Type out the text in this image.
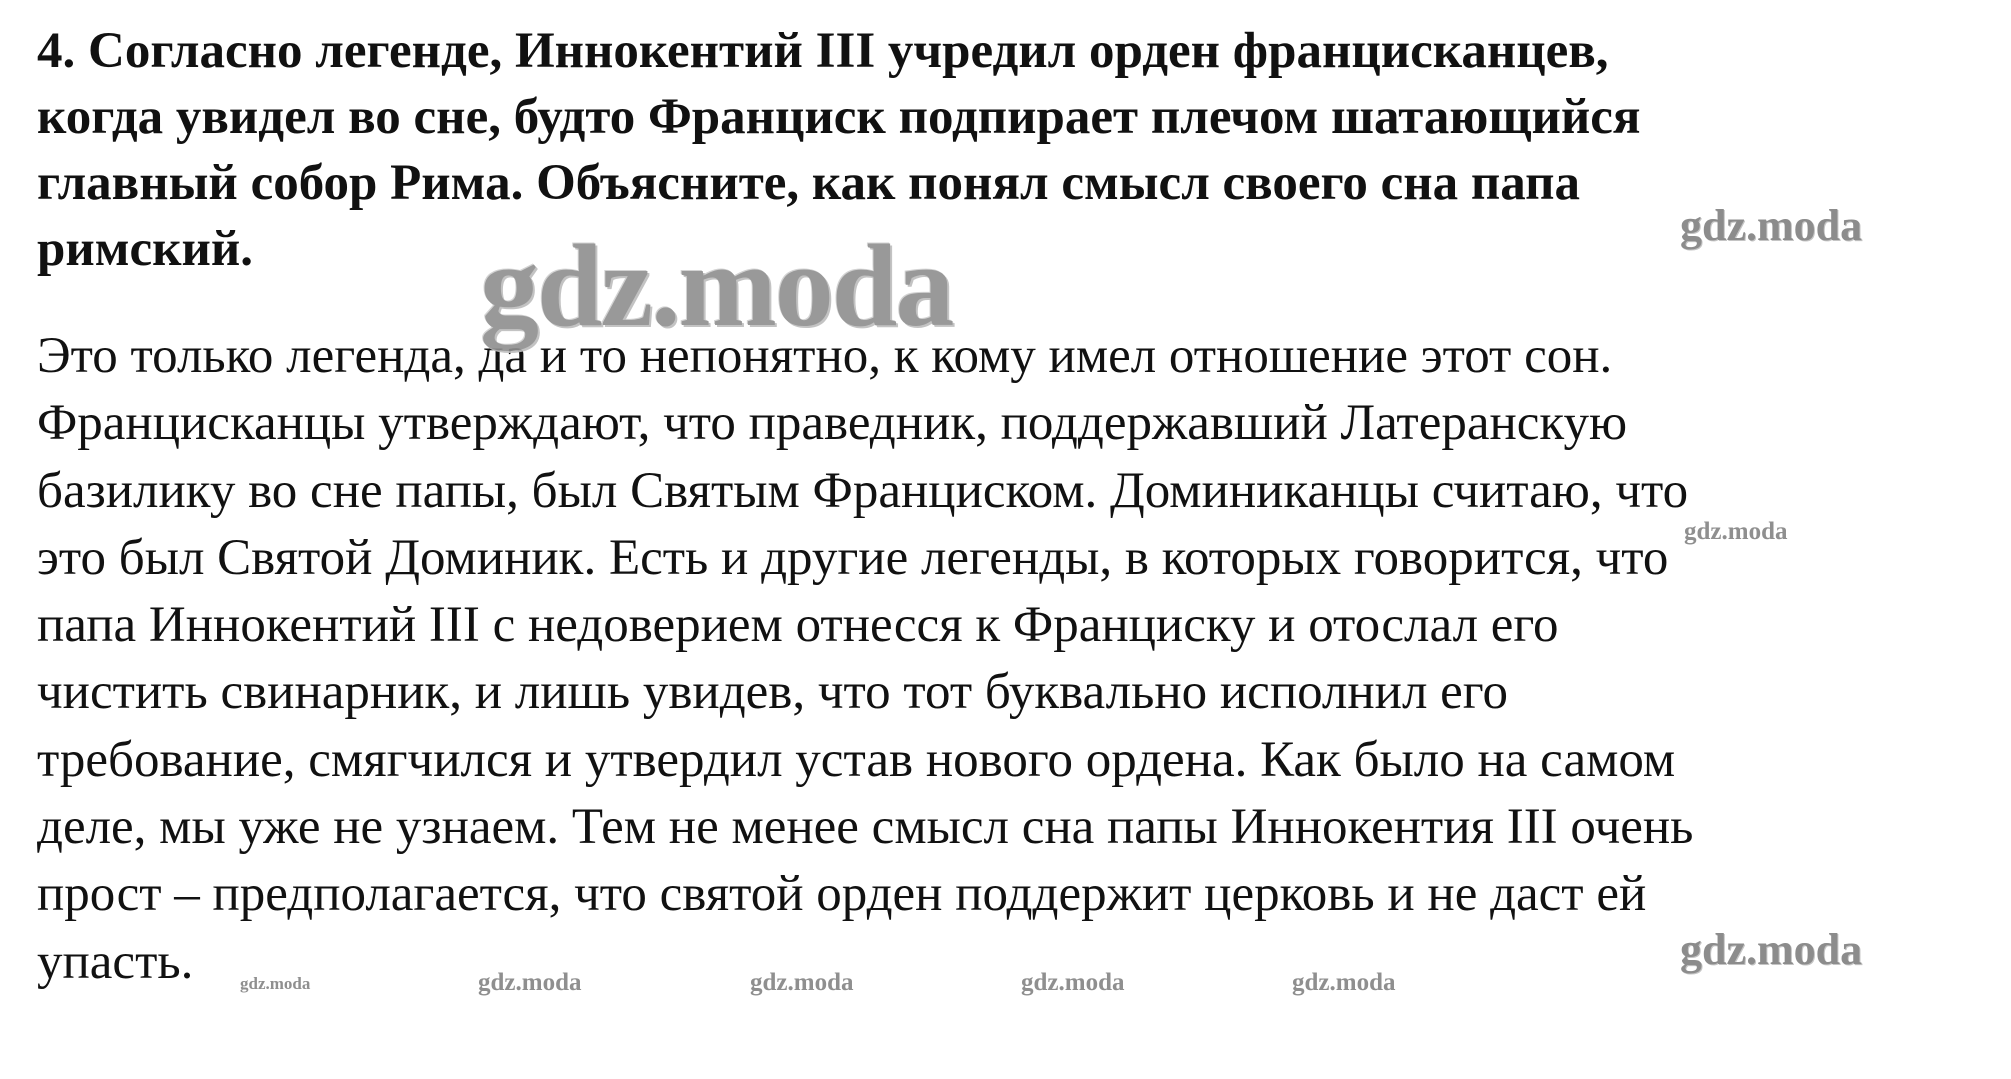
4. Согласно легенде, Иннокентий III учредил орден францисканцев,
когда увидел во сне, будто Франциск подпирает плечом шатающийся
главный собор Рима. Объясните, как понял смысл своего сна папа
римский.
Это только легенда, да и то непонятно, к кому имел отношение этот сон.
Францисканцы утверждают, что праведник, поддержавший Латеранскую
базилику во сне папы, был Святым Франциском. Доминиканцы считаю, что
это был Святой Доминик. Есть и другие легенды, в которых говорится, что
папа Иннокентий III с недоверием отнесся к Франциску и отослал его
чистить свинарник, и лишь увидев, что тот буквально исполнил его
требование, смягчился и утвердил устав нового ордена. Как было на самом
деле, мы уже не узнаем. Тем не менее смысл сна папы Иннокентия III очень
прост – предполагается, что святой орден поддержит церковь и не даст ей
упасть.
gdz.moda	gdz.moda
gdz.moda
gdz.moda
gdz.moda	gdz.moda	gdz.moda	gdz.moda	gdz.moda
